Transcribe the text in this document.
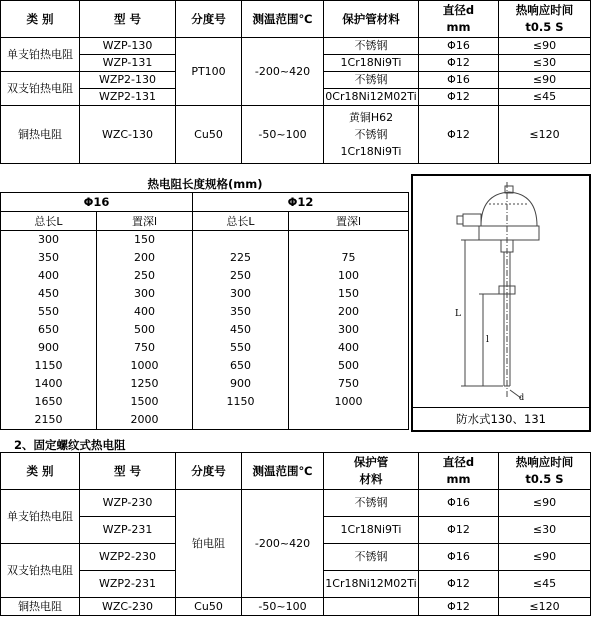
类 别	型 号	分度号	测温范围℃	保护管材料	直径d
mm	热响应时间
t0.5 S
单支铂热电阻	WZP-130	PT100	-200~420	不锈钢	Φ16	≤90
	WZP-131			1Cr18Ni9Ti	Φ12	≤30
双支铂热电阻	WZP2-130			不锈钢	Φ16	≤90
	WZP2-131			0Cr18Ni12M02Ti	Φ12	≤45
铜热电阻	WZC-130	Cu50	-50~100	黄铜H62
不锈钢
1Cr18Ni9Ti	Φ12	≤120
热电阻长度规格(mm)
Φ16		Φ12	
总长L	置深l	总长L	置深l
300	150		
350	200	225	75
400	250	250	100
450	300	300	150
550	400	350	200
650	500	450	300
900	750	550	400
1150	1000	650	500
1400	1250	900	750
1650	1500	1150	1000
2150	2000		
L
l
d
防水式130、131
2、固定螺纹式热电阻
类 别	型 号	分度号	测温范围℃	保护管
材料	直径d
mm	热响应时间
t0.5 S
单支铂热电阻	WZP-230	铂电阻	-200~420	不锈钢	Φ16	≤90
	WZP-231			1Cr18Ni9Ti	Φ12	≤30
双支铂热电阻	WZP2-230			不锈钢	Φ16	≤90
	WZP2-231			1Cr18Ni12M02Ti	Φ12	≤45
铜热电阻	WZC-230	Cu50	-50~100		Φ12	≤120
